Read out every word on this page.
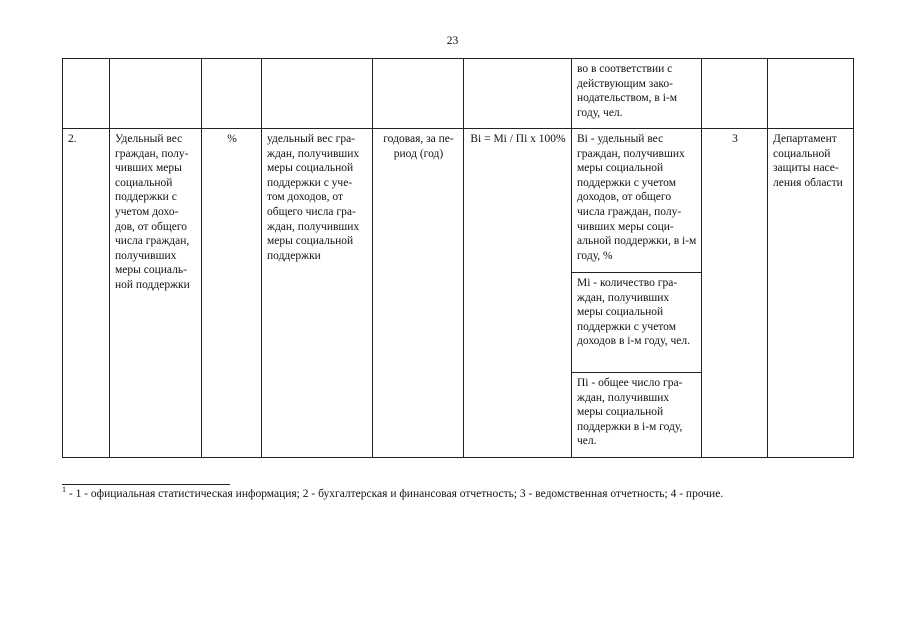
23
						во в соответствии с действующим зако-нодательством, в і-м году, чел.		
2.	Удельный вес граждан, полу-чивших меры социальной поддержки с учетом дохо-дов, от общего числа граждан, получивших меры социаль-ной поддержки	%	удельный вес гра-ждан, получивших меры социальной поддержки с уче-том доходов, от общего числа гра-ждан, получивших меры социальной поддержки	годовая, за пе-риод (год)	Вi = Мi / Пi х 100%	Вi - удельный вес граждан, получивших меры социальной поддержки с учетом доходов, от общего числа граждан, полу-чивших меры соци-альной поддержки, в i-м году, %	3	Департамент социальной защиты насе-ления области
						Мi - количество гра-ждан, получивших меры социальной поддержки с учетом доходов в i-м году, чел.		
						Пi - общее число гра-ждан, получивших меры социальной поддержки в i-м году, чел.		
$^1$ - 1 - официальная статистическая информация; 2 - бухгалтерская и финансовая отчетность; 3 - ведомственная отчетность; 4 - прочие.
